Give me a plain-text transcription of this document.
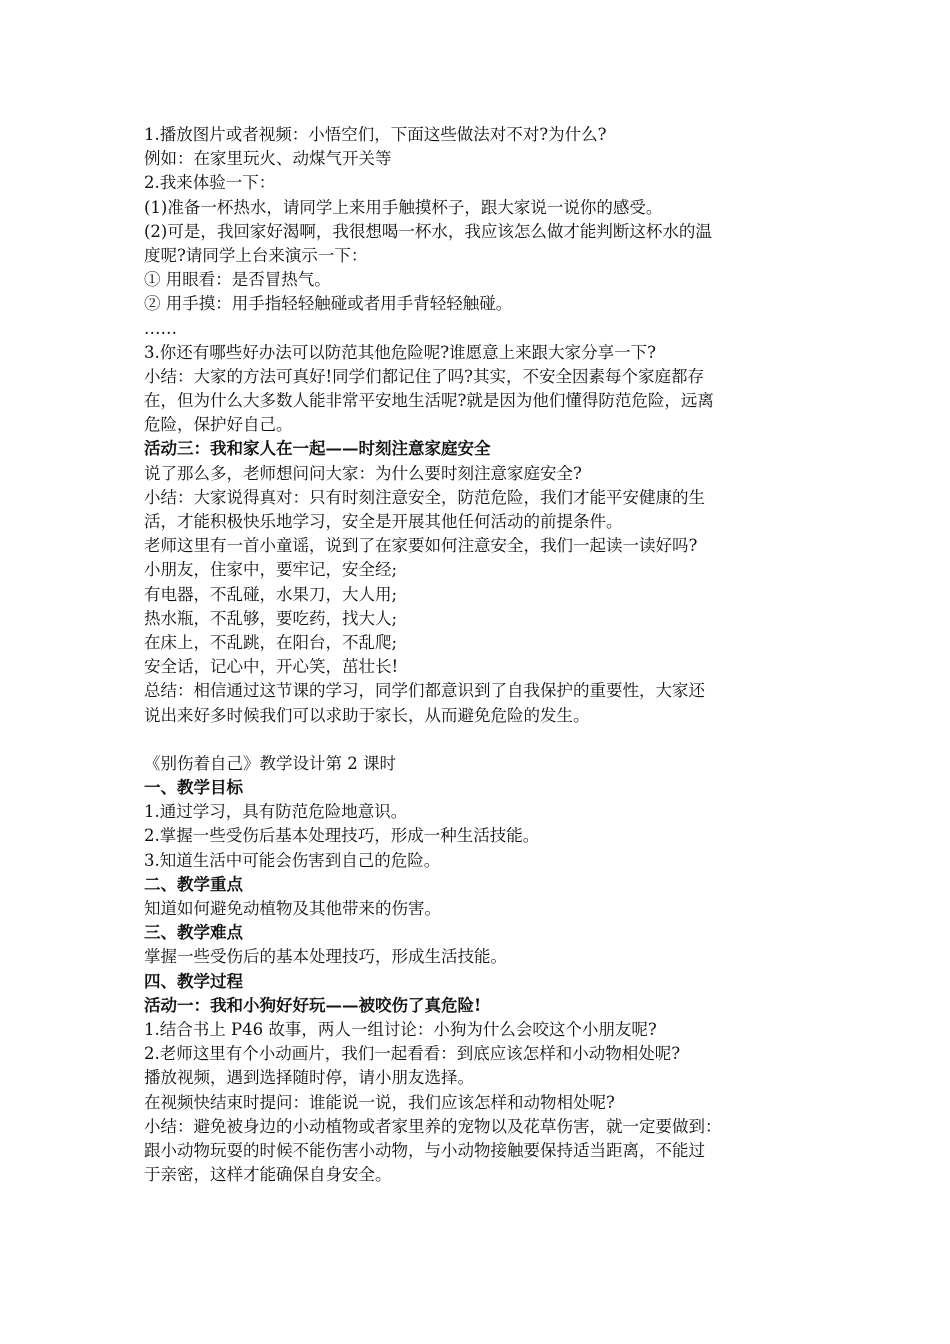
1.播放图片或者视频：小悟空们，下面这些做法对不对?为什么?
例如：在家里玩火、动煤气开关等
2.我来体验一下：
(1)准备一杯热水，请同学上来用手触摸杯子，跟大家说一说你的感受。
(2)可是，我回家好渴啊，我很想喝一杯水，我应该怎么做才能判断这杯水的温
度呢?请同学上台来演示一下：
① 用眼看：是否冒热气。
② 用手摸：用手指轻轻触碰或者用手背轻轻触碰。
……
3.你还有哪些好办法可以防范其他危险呢?谁愿意上来跟大家分享一下?
小结：大家的方法可真好!同学们都记住了吗?其实，不安全因素每个家庭都存
在，但为什么大多数人能非常平安地生活呢?就是因为他们懂得防范危险，远离
危险，保护好自己。
活动三：我和家人在一起——时刻注意家庭安全
说了那么多，老师想问问大家：为什么要时刻注意家庭安全?
小结：大家说得真对：只有时刻注意安全，防范危险，我们才能平安健康的生
活，才能积极快乐地学习，安全是开展其他任何活动的前提条件。
老师这里有一首小童谣，说到了在家要如何注意安全，我们一起读一读好吗?
小朋友，住家中，要牢记，安全经;
有电器，不乱碰，水果刀，大人用;
热水瓶，不乱够，要吃药，找大人;
在床上，不乱跳，在阳台，不乱爬;
安全话，记心中，开心笑，茁壮长!
总结：相信通过这节课的学习，同学们都意识到了自我保护的重要性，大家还
说出来好多时候我们可以求助于家长，从而避免危险的发生。
《别伤着自己》教学设计第 2 课时
一、教学目标
1.通过学习，具有防范危险地意识。
2.掌握一些受伤后基本处理技巧，形成一种生活技能。
3.知道生活中可能会伤害到自己的危险。
二、教学重点
知道如何避免动植物及其他带来的伤害。
三、教学难点
掌握一些受伤后的基本处理技巧，形成生活技能。
四、教学过程
活动一：我和小狗好好玩——被咬伤了真危险!
1.结合书上 P46 故事，两人一组讨论：小狗为什么会咬这个小朋友呢?
2.老师这里有个小动画片，我们一起看看：到底应该怎样和小动物相处呢?
播放视频，遇到选择随时停，请小朋友选择。
在视频快结束时提问：谁能说一说，我们应该怎样和动物相处呢?
小结：避免被身边的小动植物或者家里养的宠物以及花草伤害，就一定要做到：
跟小动物玩耍的时候不能伤害小动物，与小动物接触要保持适当距离，不能过
于亲密，这样才能确保自身安全。
